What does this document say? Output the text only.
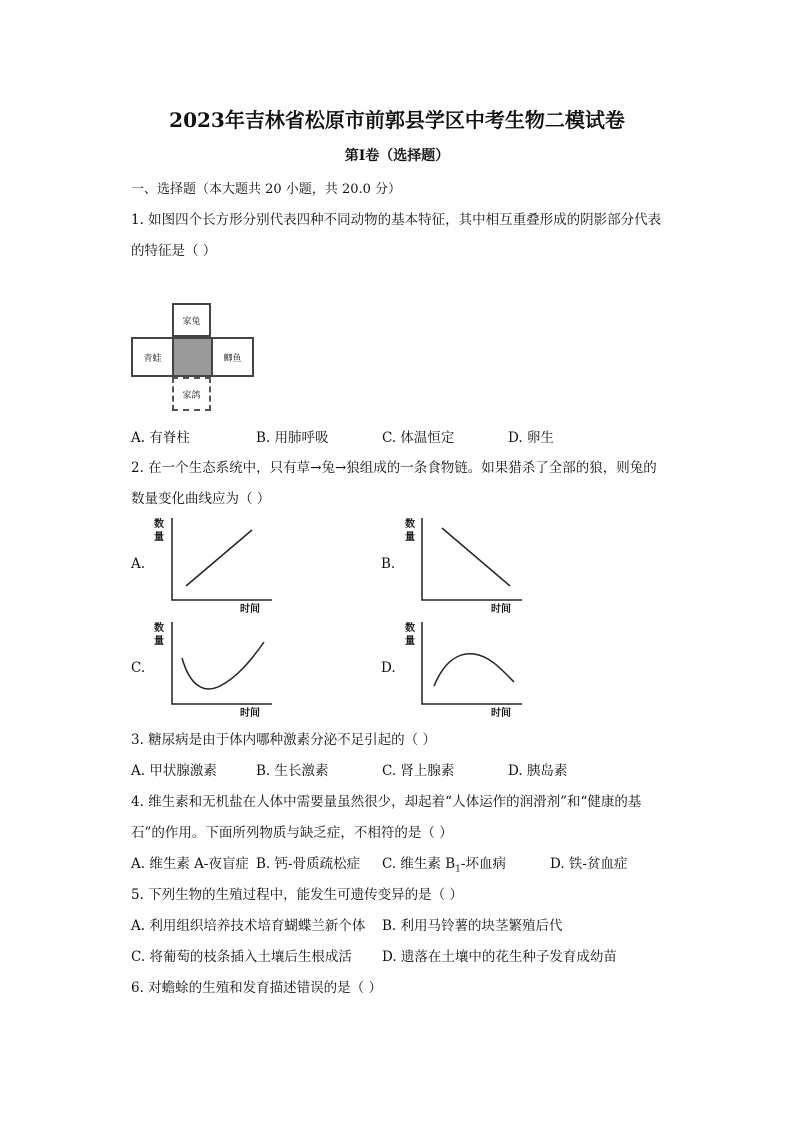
2023年吉林省松原市前郭县学区中考生物二模试卷
第I卷（选择题）
一、选择题（本大题共 20 小题，共 20.0 分）
1. 如图四个长方形分别代表四种不同动物的基本特征，其中相互重叠形成的阴影部分代表
的特征是（ ）
家兔
青蛙	鲫鱼
家鸽
A. 有脊柱	B. 用肺呼吸	C. 体温恒定	D. 卵生
2. 在一个生态系统中，只有草→兔→狼组成的一条食物链。如果猎杀了全部的狼，则兔的
数量变化曲线应为（ ）
A.
数
量
时间
B.
数
量
时间
C.
数
量
时间
D.
数
量
时间
3. 糖尿病是由于体内哪种激素分泌不足引起的（ ）
A. 甲状腺激素	B. 生长激素	C. 肾上腺素	D. 胰岛素
4. 维生素和无机盐在人体中需要量虽然很少，却起着“人体运作的润滑剂”和“健康的基
石”的作用。下面所列物质与缺乏症，不相符的是（ ）
A. 维生素 A-夜盲症 B. 钙-骨质疏松症 C. 维生素 $B_1-$坏血病	D. 铁-贫血症
5. 下列生物的生殖过程中，能发生可遗传变异的是（ ）
A. 利用组织培养技术培育蝴蝶兰新个体 B. 利用马铃薯的块茎繁殖后代
C. 将葡萄的枝条插入土壤后生根成活 D. 遗落在土壤中的花生种子发育成幼苗
6. 对蟾蜍的生殖和发育描述错误的是（ ）
